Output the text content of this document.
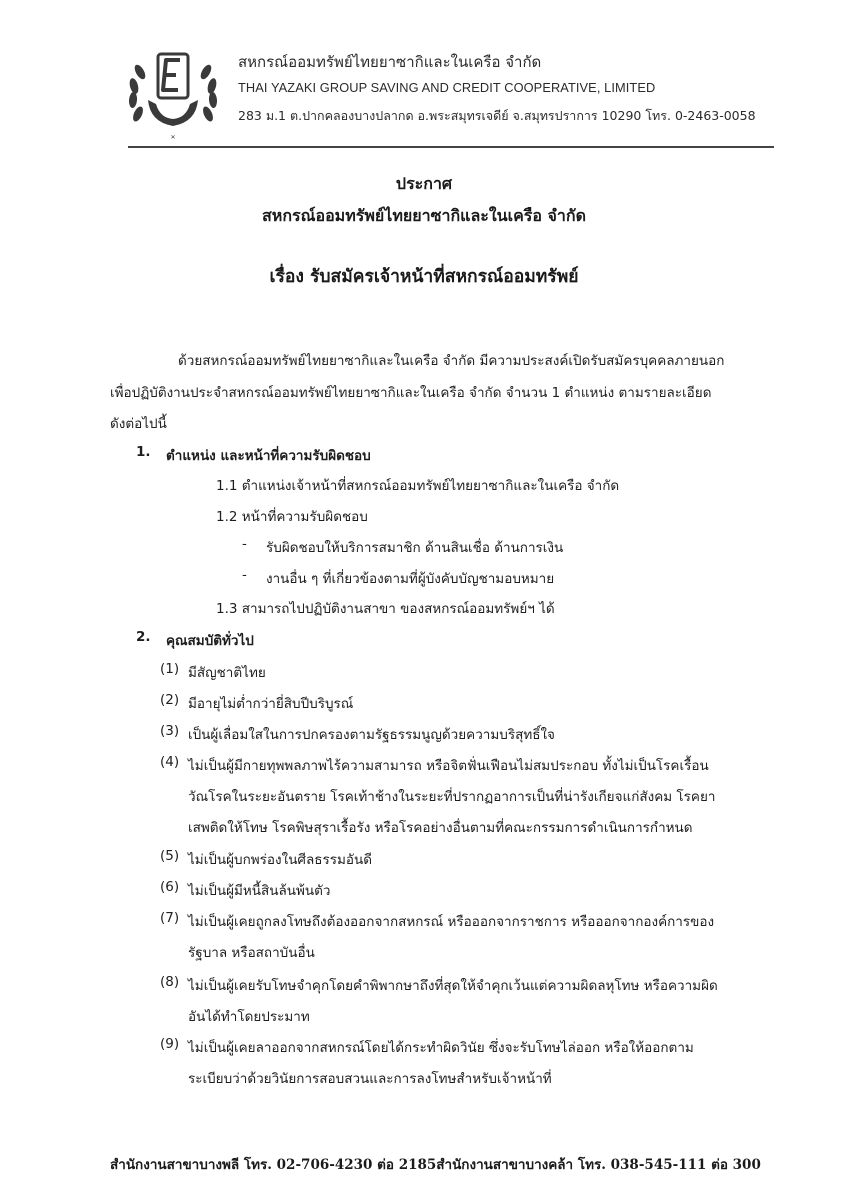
✕
สหกรณ์ออมทรัพย์ไทยยาซากิและในเครือ จำกัด
THAI YAZAKI GROUP SAVING AND CREDIT COOPERATIVE, LIMITED
283 ม.1 ต.ปากคลองบางปลากด อ.พระสมุทรเจดีย์ จ.สมุทรปราการ 10290 โทร. 0-2463-0058
ประกาศ
สหกรณ์ออมทรัพย์ไทยยาซากิและในเครือ จำกัด
เรื่อง รับสมัครเจ้าหน้าที่สหกรณ์ออมทรัพย์
ด้วยสหกรณ์ออมทรัพย์ไทยยาซากิและในเครือ จำกัด มีความประสงค์เปิดรับสมัครบุคคลภายนอก
เพื่อปฏิบัติงานประจำสหกรณ์ออมทรัพย์ไทยยาซากิและในเครือ จำกัด จำนวน 1 ตำแหน่ง ตามรายละเอียด
ดังต่อไปนี้
1. ตำแหน่ง และหน้าที่ความรับผิดชอบ
1.1 ตำแหน่งเจ้าหน้าที่สหกรณ์ออมทรัพย์ไทยยาซากิและในเครือ จำกัด
1.2 หน้าที่ความรับผิดชอบ
- รับผิดชอบให้บริการสมาชิก ด้านสินเชื่อ ด้านการเงิน
- งานอื่น ๆ ที่เกี่ยวข้องตามที่ผู้บังคับบัญชามอบหมาย
1.3 สามารถไปปฏิบัติงานสาขา ของสหกรณ์ออมทรัพย์ฯ ได้
2. คุณสมบัติทั่วไป
(1) มีสัญชาติไทย
(2) มีอายุไม่ต่ำกว่ายี่สิบปีบริบูรณ์
(3) เป็นผู้เลื่อมใสในการปกครองตามรัฐธรรมนูญด้วยความบริสุทธิ์ใจ
(4) ไม่เป็นผู้มีกายทุพพลภาพไร้ความสามารถ หรือจิตฟั่นเฟือนไม่สมประกอบ ทั้งไม่เป็นโรคเรื้อน
วัณโรคในระยะอันตราย โรคเท้าช้างในระยะที่ปรากฏอาการเป็นที่น่ารังเกียจแก่สังคม โรคยา
เสพติดให้โทษ โรคพิษสุราเรื้อรัง หรือโรคอย่างอื่นตามที่คณะกรรมการดำเนินการกำหนด
(5) ไม่เป็นผู้บกพร่องในศีลธรรมอันดี
(6) ไม่เป็นผู้มีหนี้สินล้นพ้นตัว
(7) ไม่เป็นผู้เคยถูกลงโทษถึงต้องออกจากสหกรณ์ หรือออกจากราชการ หรือออกจากองค์การของ
รัฐบาล หรือสถาบันอื่น
(8) ไม่เป็นผู้เคยรับโทษจำคุกโดยคำพิพากษาถึงที่สุดให้จำคุกเว้นแต่ความผิดลหุโทษ หรือความผิด
อันได้ทำโดยประมาท
(9) ไม่เป็นผู้เคยลาออกจากสหกรณ์โดยได้กระทำผิดวินัย ซึ่งจะรับโทษไล่ออก หรือให้ออกตาม
ระเบียบว่าด้วยวินัยการสอบสวนและการลงโทษสำหรับเจ้าหน้าที่
สำนักงานสาขาบางพลี โทร. 02-706-4230 ต่อ 2185สำนักงานสาขาบางคล้า โทร. 038-545-111 ต่อ 300
